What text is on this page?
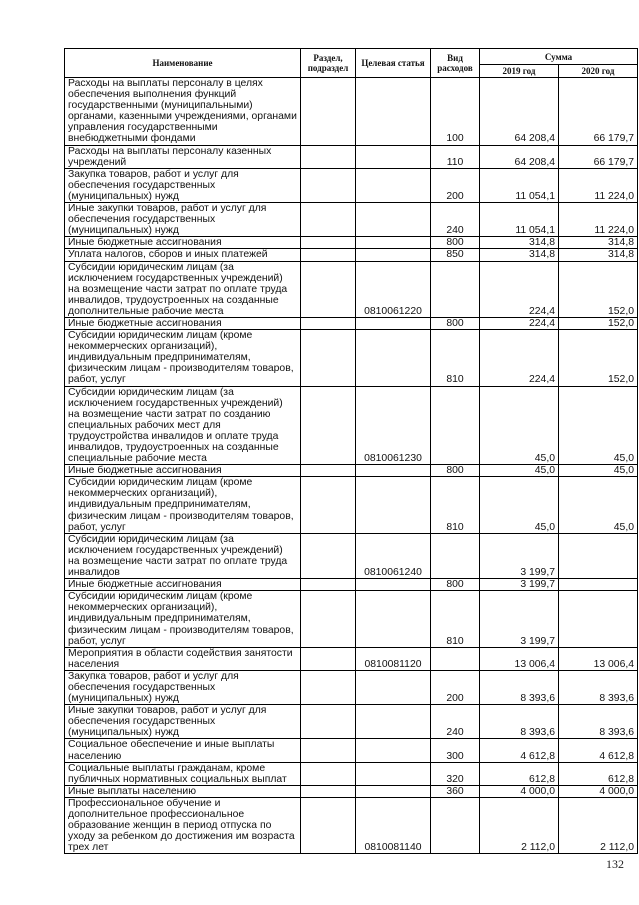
Наименование	Раздел, подраздел	Целевая статья	Вид расходов	Сумма	
				2019 год	2020 год
Расходы на выплаты персоналу в целях обеспечения выполнения функций государственными (муниципальными) органами, казенными учреждениями, органами управления государственными внебюджетными фондами			100	64 208,4	66 179,7
Расходы на выплаты персоналу казенных учреждений			110	64 208,4	66 179,7
Закупка товаров, работ и услуг для обеспечения государственных (муниципальных) нужд			200	11 054,1	11 224,0
Иные закупки товаров, работ и услуг для обеспечения государственных (муниципальных) нужд			240	11 054,1	11 224,0
Иные бюджетные ассигнования			800	314,8	314,8
Уплата налогов, сборов и иных платежей			850	314,8	314,8
Субсидии юридическим лицам (за исключением государственных учреждений) на возмещение части затрат по оплате труда инвалидов, трудоустроенных на созданные дополнительные рабочие места		0810061220		224,4	152,0
Иные бюджетные ассигнования			800	224,4	152,0
Субсидии юридическим лицам (кроме некоммерческих организаций), индивидуальным предпринимателям, физическим лицам - производителям товаров, работ, услуг			810	224,4	152,0
Субсидии юридическим лицам (за исключением государственных учреждений) на возмещение части затрат по созданию специальных рабочих мест для трудоустройства инвалидов и оплате труда инвалидов, трудоустроенных на созданные специальные рабочие места		0810061230		45,0	45,0
Иные бюджетные ассигнования			800	45,0	45,0
Субсидии юридическим лицам (кроме некоммерческих организаций), индивидуальным предпринимателям, физическим лицам - производителям товаров, работ, услуг			810	45,0	45,0
Субсидии юридическим лицам (за исключением государственных учреждений) на возмещение части затрат по оплате труда инвалидов		0810061240		3 199,7	
Иные бюджетные ассигнования			800	3 199,7	
Субсидии юридическим лицам (кроме некоммерческих организаций), индивидуальным предпринимателям, физическим лицам - производителям товаров, работ, услуг			810	3 199,7	
Мероприятия в области содействия занятости населения		0810081120		13 006,4	13 006,4
Закупка товаров, работ и услуг для обеспечения государственных (муниципальных) нужд			200	8 393,6	8 393,6
Иные закупки товаров, работ и услуг для обеспечения государственных (муниципальных) нужд			240	8 393,6	8 393,6
Социальное обеспечение и иные выплаты населению			300	4 612,8	4 612,8
Социальные выплаты гражданам, кроме публичных нормативных социальных выплат			320	612,8	612,8
Иные выплаты населению			360	4 000,0	4 000,0
Профессиональное обучение и дополнительное профессиональное образование женщин в период отпуска по уходу за ребенком до достижения им возраста трех лет		0810081140		2 112,0	2 112,0
132
